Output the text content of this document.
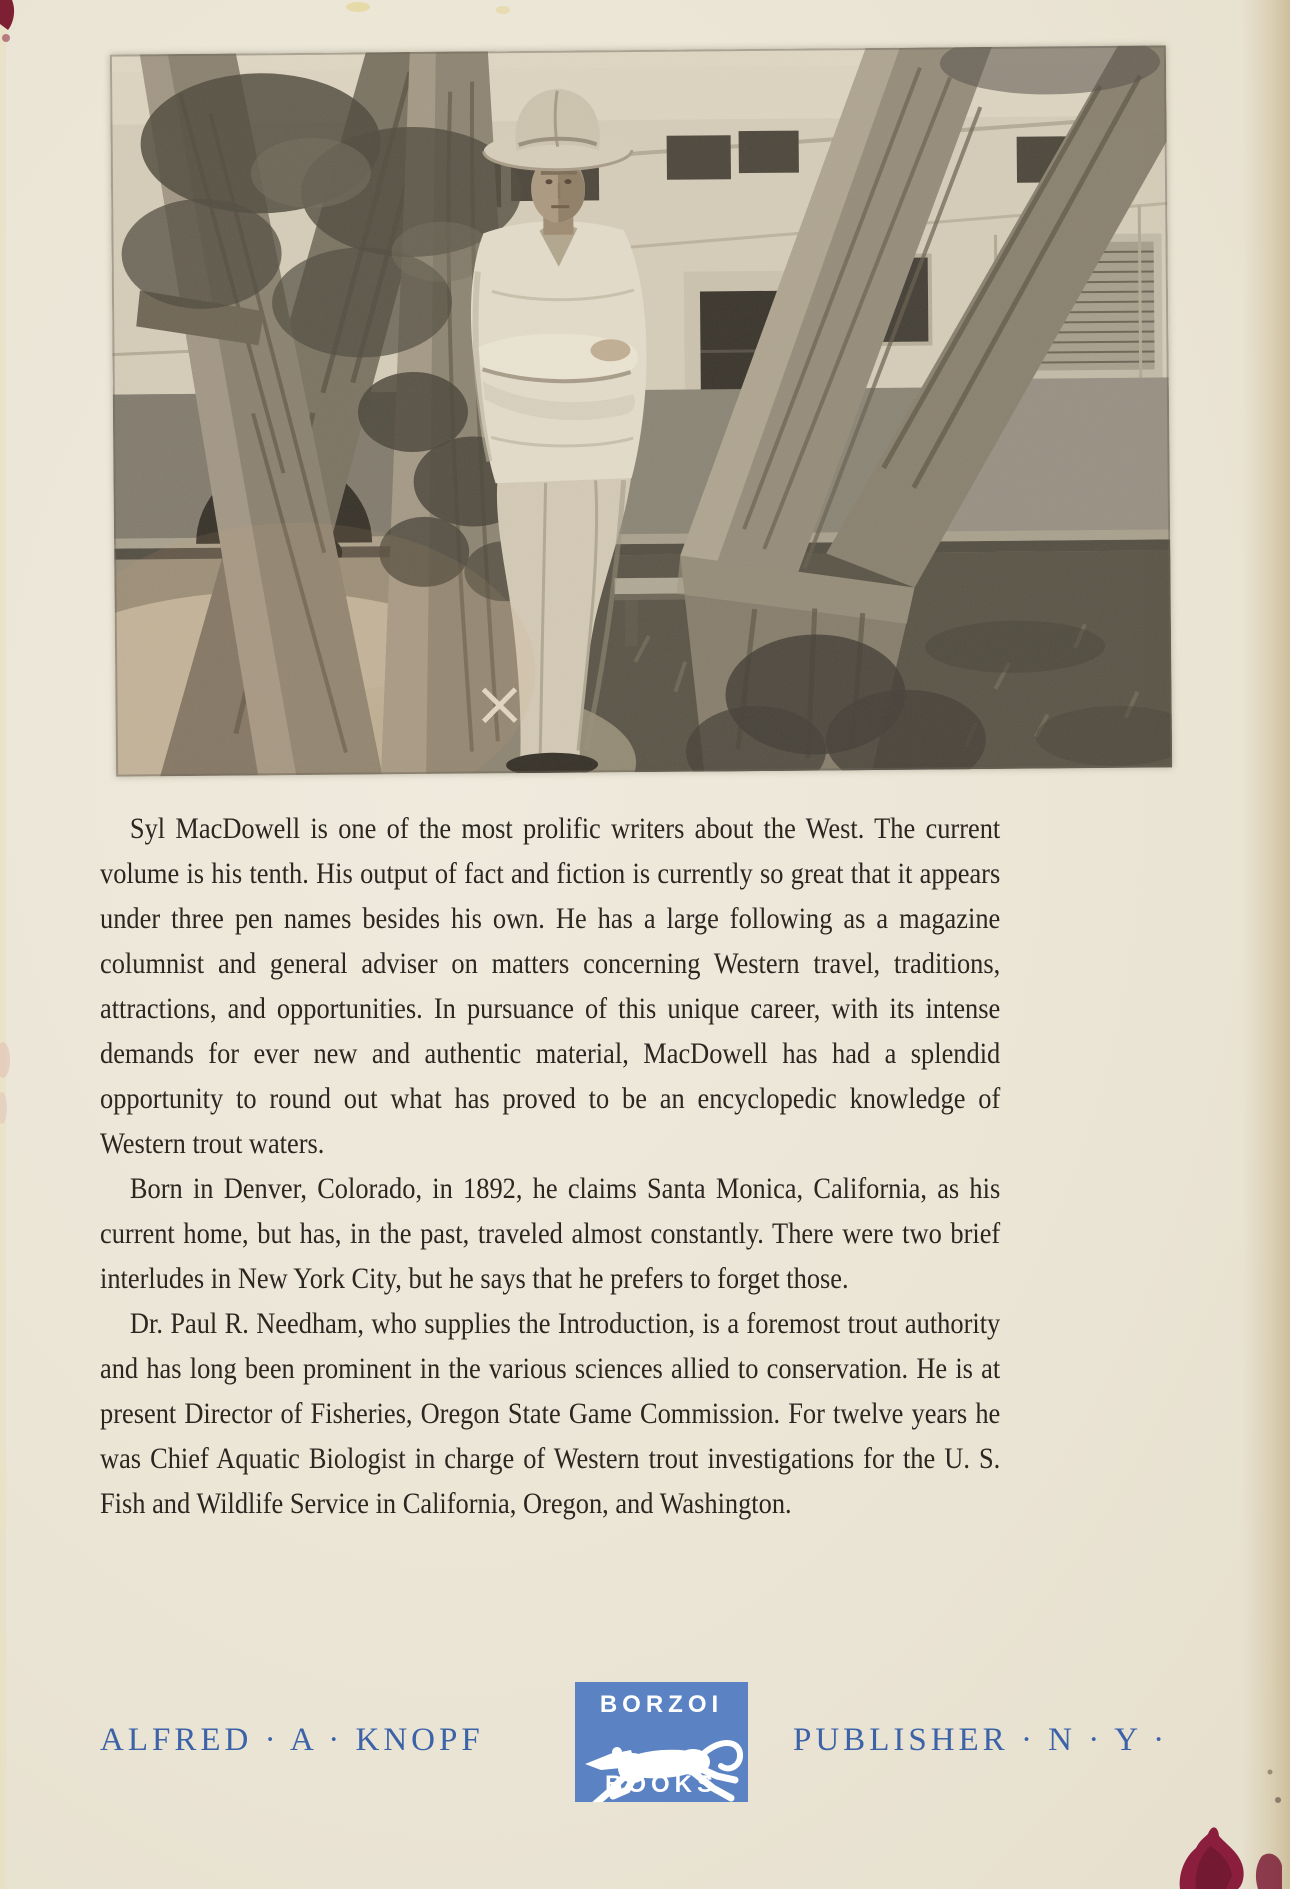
Syl MacDowell is one of the most prolific writers about the West. The current volume is his tenth. His output of fact and fiction is currently so great that it appears under three pen names besides his own. He has a large following as a magazine columnist and general adviser on matters concerning Western travel, traditions, attractions, and opportunities. In pursuance of this unique career, with its intense demands for ever new and authentic material, MacDowell has had a splendid opportunity to round out what has proved to be an encyclopedic knowledge of Western trout waters.

Born in Denver, Colorado, in 1892, he claims Santa Monica, California, as his current home, but has, in the past, traveled almost constantly. There were two brief interludes in New York City, but he says that he prefers to forget those.

Dr. Paul R. Needham, who supplies the Introduction, is a foremost trout authority and has long been prominent in the various sciences allied to conservation. He is at present Director of Fisheries, Oregon State Game Commission. For twelve years he was Chief Aquatic Biologist in charge of Western trout investigations for the U. S. Fish and Wildlife Service in California, Oregon, and Washington.

ALFRED · A · KNOPF
BORZOI
BOOKS
PUBLISHER · N · Y ·
